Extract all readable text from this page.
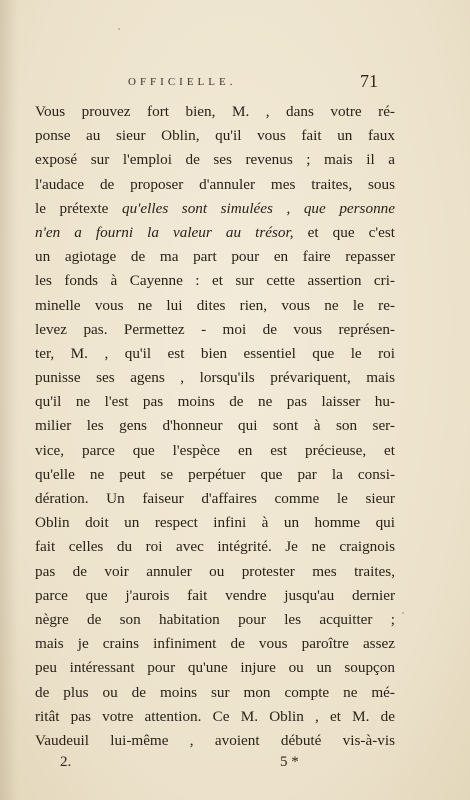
OFFICIELLE.	71
Vous prouvez fort bien, M. , dans votre ré-
ponse au sieur Oblin, qu'il vous fait un faux
exposé sur l'emploi de ses revenus ; mais il a
l'audace de proposer d'annuler mes traites, sous
le prétexte qu'elles sont simulées , que personne
n'en a fourni la valeur au trésor, et que c'est
un agiotage de ma part pour en faire repasser
les fonds à Cayenne : et sur cette assertion cri-
minelle vous ne lui dites rien, vous ne le re-
levez pas. Permettez - moi de vous représen-
ter, M. , qu'il est bien essentiel que le roi
punisse ses agens , lorsqu'ils prévariquent, mais
qu'il ne l'est pas moins de ne pas laisser hu-
milier les gens d'honneur qui sont à son ser-
vice, parce que l'espèce en est précieuse, et
qu'elle ne peut se perpétuer que par la consi-
dération. Un faiseur d'affaires comme le sieur
Oblin doit un respect infini à un homme qui
fait celles du roi avec intégrité. Je ne craignois
pas de voir annuler ou protester mes traites,
parce que j'aurois fait vendre jusqu'au dernier
nègre de son habitation pour les acquitter ;
mais je crains infiniment de vous paroître assez
peu intéressant pour qu'une injure ou un soupçon
de plus ou de moins sur mon compte ne mé-
ritât pas votre attention. Ce M. Oblin , et M. de
Vaudeuil lui-même , avoient débuté vis-à-vis
2.	5 *
